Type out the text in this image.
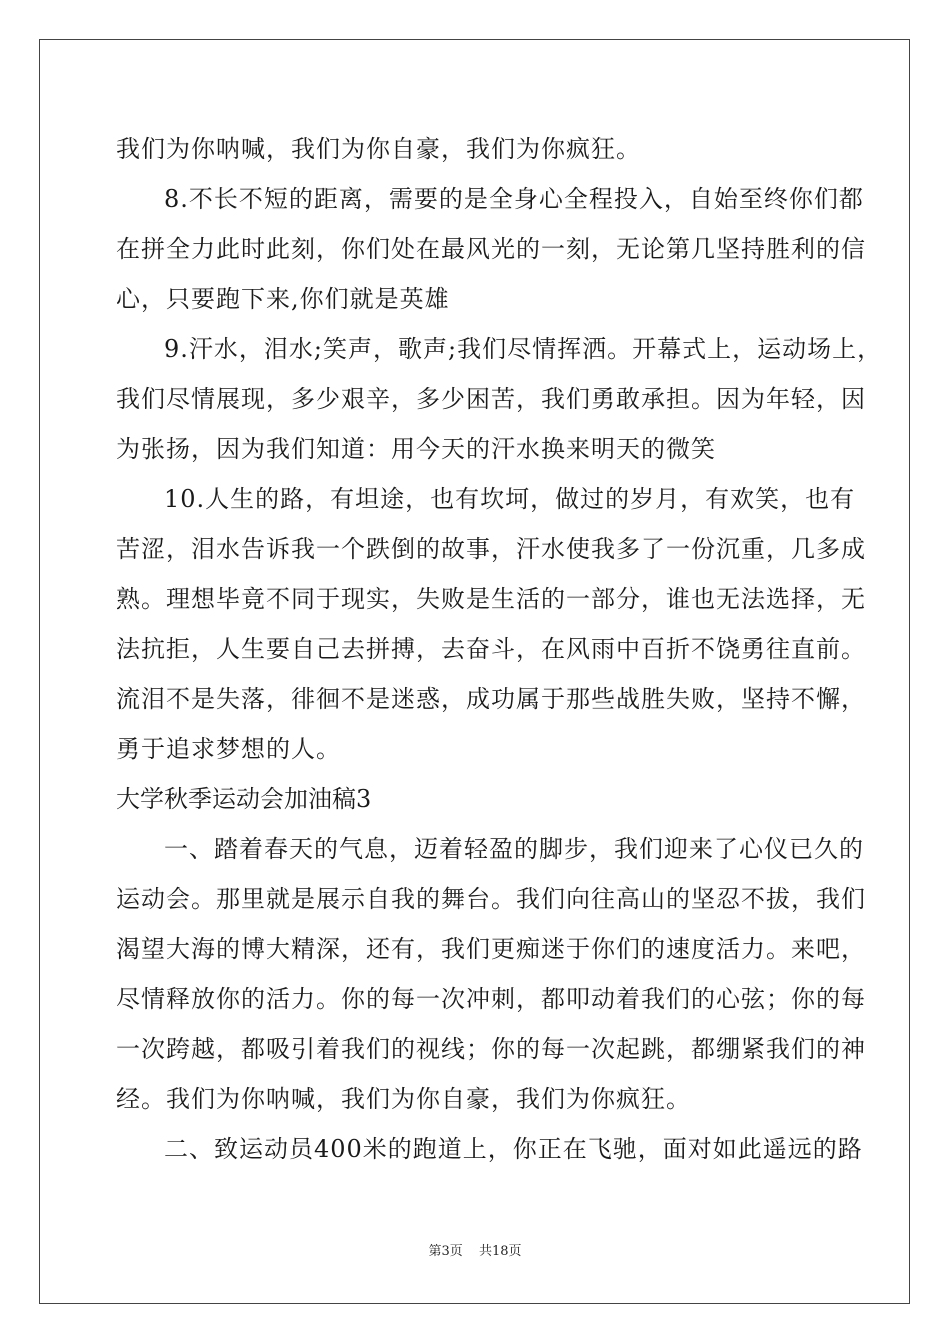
我们为你呐喊，我们为你自豪，我们为你疯狂。
8.不长不短的距离，需要的是全身心全程投入，自始至终你们都
在拼全力此时此刻，你们处在最风光的一刻，无论第几坚持胜利的信
心，只要跑下来,你们就是英雄
9.汗水，泪水;笑声，歌声;我们尽情挥洒。开幕式上，运动场上，
我们尽情展现，多少艰辛，多少困苦，我们勇敢承担。因为年轻，因
为张扬，因为我们知道：用今天的汗水换来明天的微笑
10.人生的路，有坦途，也有坎坷，做过的岁月，有欢笑，也有
苦涩，泪水告诉我一个跌倒的故事，汗水使我多了一份沉重，几多成
熟。理想毕竟不同于现实，失败是生活的一部分，谁也无法选择，无
法抗拒，人生要自己去拼搏，去奋斗，在风雨中百折不饶勇往直前。
流泪不是失落，徘徊不是迷惑，成功属于那些战胜失败，坚持不懈，
勇于追求梦想的人。
大学秋季运动会加油稿3
一、踏着春天的气息，迈着轻盈的脚步，我们迎来了心仪已久的
运动会。那里就是展示自我的舞台。我们向往高山的坚忍不拔，我们
渴望大海的博大精深，还有，我们更痴迷于你们的速度活力。来吧，
尽情释放你的活力。你的每一次冲刺，都叩动着我们的心弦；你的每
一次跨越，都吸引着我们的视线；你的每一次起跳，都绷紧我们的神
经。我们为你呐喊，我们为你自豪，我们为你疯狂。
二、致运动员400米的跑道上，你正在飞驰，面对如此遥远的路
第3页 共18页
